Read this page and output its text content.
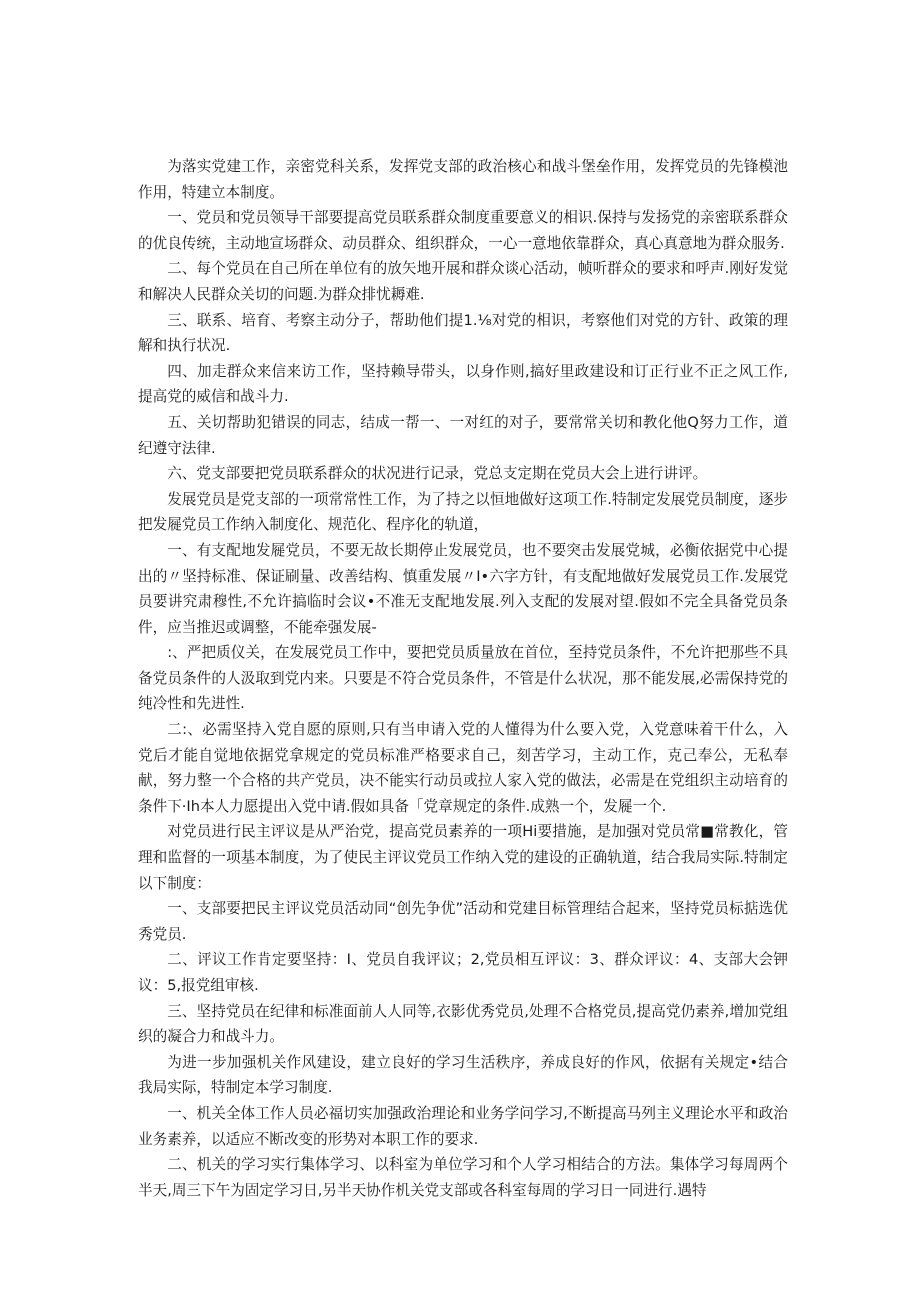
为落实党建工作，亲密党科关系，发挥党支部的政治核心和战斗堡垒作用，发挥党员的先锋模池作用，特建立本制度。

一、党员和党员领导干部要提高党员联系群众制度重要意义的相识.保持与发扬党的亲密联系群众的优良传统，主动地宣场群众、动员群众、组织群众，一心一意地依靠群众，真心真意地为群众服务.

二、每个党员在自己所在单位有的放矢地开展和群众谈心活动，帧听群众的要求和呼声.刚好发觉和解决人民群众关切的问题.为群众排忧耨难.

三、联系、培育、考察主动分子，帮助他们提1.⅛对党的相识，考察他们对党的方针、政策的理解和执行状况.

四、加走群众来信来访工作，坚持赖导带头，以身作则,搞好里政建设和订正行业不正之风工作,提高党的威信和战斗力.

五、关切帮助犯错误的同志，结成一帮一、一对红的对子，要常常关切和教化他Q努力工作，道纪遵守法律.

六、党支部要把党员联系群众的状况进行记录，党总支定期在党员大会上进行讲评。

发展党员是党支部的一项常常性工作，为了持之以恒地做好这项工作.特制定发展党员制度，逐步把发屣党员工作纳入制度化、规范化、程序化的轨道，

一、有支配地发屣党员，不要无故长期停止发展党员，也不要突击发展党城，必衡依据党中心提出的〃坚持标准、保证刷量、改善结构、慎重发展〃I•六字方针，有支配地做好发展党员工作.发展党员要讲究肃穆性,不允许搞临时会议•不准无支配地发展.列入支配的发展对望.假如不完全具备党员条件，应当推迟或调整，不能牵强发展-

:、严把质仪关，在发展党员工作中，要把党员质量放在首位，至持党员条件，不允许把那些不具备党员条件的人汲取到党内来。只要是不符合党员条件，不管是什么状况，那不能发展,必需保持党的纯冷性和先进性.

二:、必需坚持入党自愿的原则,只有当申请入党的人懂得为什么要入党，入党意味着干什么，入党后才能自觉地依据党拿规定的党员标准严格要求自己，刻苦学习，主动工作，克己奉公，无私奉献，努力整一个合格的共产党员，决不能实行动员或拉人家入党的做法，必需是在党组织主动培育的条件下·Ih本人力愿提出入党中请.假如具备「党章规定的条件.成熟一个，发屣一个.

对党员进行民主评议是从严治党，提高党员素养的一项Hi要措施，是加强对党员常■常教化，管理和监督的一项基本制度，为了使民主评议党员工作纳入党的建设的正确轨道，结合我局实际.特制定以下制度：

一、支部要把民主评议党员活动同“创先争优”活动和党建目标管理结合起来，坚持党员标掂选优秀党员.

二、评议工作肯定要坚持：I、党员自我评议；2,党员相互评议：3、群众评议：4、支部大会钾议：5,报党组审核.

三、坚持党员在纪律和标准面前人人同等,衣影优秀党员,处理不合格党员,提高党仍素养,增加党组织的凝合力和战斗力。

为进一步加强机关作风建设，建立良好的学习生活秩序，养成良好的作风，依据有关规定•结合我局实际，特制定本学习制度.

一、机关全体工作人员必福切实加强政治理论和业务学问学习,不断提高马列主义理论水平和政治业务素养，以适应不断改变的形势对本职工作的要求.

二、机关的学习实行集体学习、以科室为单位学习和个人学习相结合的方法。集体学习每周两个半天,周三下午为固定学习日,另半天协作机关党支部或各科室每周的学习日一同进行.遇特
